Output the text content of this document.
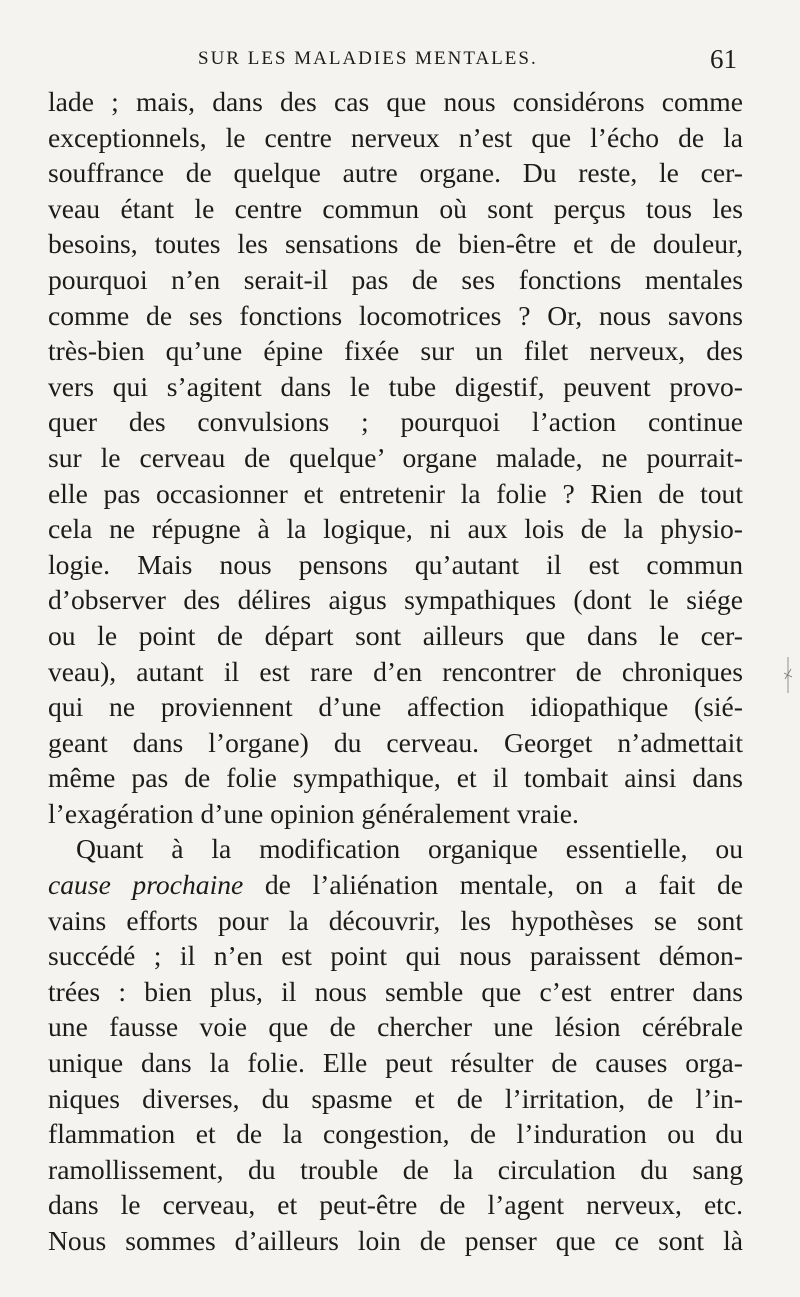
SUR LES MALADIES MENTALES.	61
lade ; mais, dans des cas que nous considérons comme
exceptionnels, le centre nerveux n’est que l’écho de la
souffrance de quelque autre organe. Du reste, le cer-
veau étant le centre commun où sont perçus tous les
besoins, toutes les sensations de bien-être et de douleur,
pourquoi n’en serait-il pas de ses fonctions mentales
comme de ses fonctions locomotrices ? Or, nous savons
très-bien qu’une épine fixée sur un filet nerveux, des
vers qui s’agitent dans le tube digestif, peuvent provo-
quer des convulsions ; pourquoi l’action continue
sur le cerveau de quelque’ organe malade, ne pourrait-
elle pas occasionner et entretenir la folie ? Rien de tout
cela ne répugne à la logique, ni aux lois de la physio-
logie. Mais nous pensons qu’autant il est commun
d’observer des délires aigus sympathiques (dont le siége
ou le point de départ sont ailleurs que dans le cer-
veau), autant il est rare d’en rencontrer de chroniques
qui ne proviennent d’une affection idiopathique (sié-
geant dans l’organe) du cerveau. Georget n’admettait
même pas de folie sympathique, et il tombait ainsi dans
l’exagération d’une opinion généralement vraie.
Quant à la modification organique essentielle, ou
cause prochaine de l’aliénation mentale, on a fait de
vains efforts pour la découvrir, les hypothèses se sont
succédé ; il n’en est point qui nous paraissent démon-
trées : bien plus, il nous semble que c’est entrer dans
une fausse voie que de chercher une lésion cérébrale
unique dans la folie. Elle peut résulter de causes orga-
niques diverses, du spasme et de l’irritation, de l’in-
flammation et de la congestion, de l’induration ou du
ramollissement, du trouble de la circulation du sang
dans le cerveau, et peut-être de l’agent nerveux, etc.
Nous sommes d’ailleurs loin de penser que ce sont là
